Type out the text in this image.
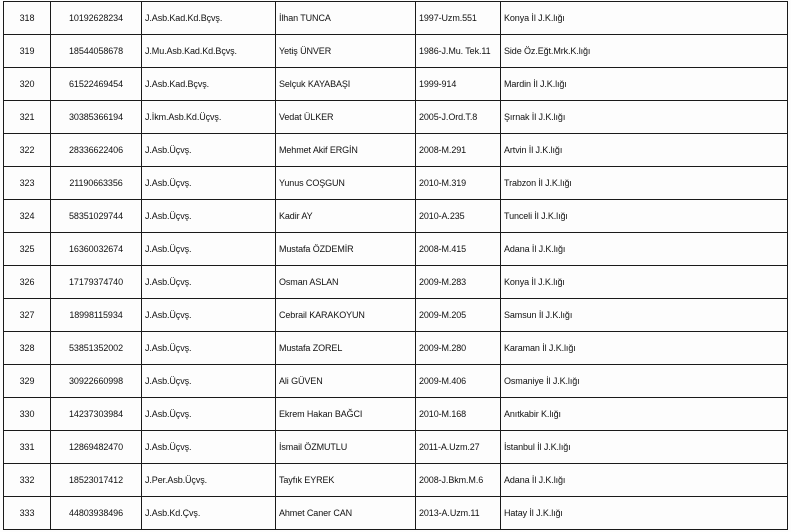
318	10192628234	J.Asb.Kad.Kd.Bçvş.	İlhan TUNCA	1997-Uzm.551	Konya İl J.K.lığı
319	18544058678	J.Mu.Asb.Kad.Kd.Bçvş.	Yetiş ÜNVER	1986-J.Mu. Tek.11	Side Öz.Eğt.Mrk.K.lığı
320	61522469454	J.Asb.Kad.Bçvş.	Selçuk KAYABAŞI	1999-914	Mardin İl J.K.lığı
321	30385366194	J.İkm.Asb.Kd.Üçvş.	Vedat ÜLKER	2005-J.Ord.T.8	Şırnak İl J.K.lığı
322	28336622406	J.Asb.Üçvş.	Mehmet Akif ERGİN	2008-M.291	Artvin İl J.K.lığı
323	21190663356	J.Asb.Üçvş.	Yunus COŞGUN	2010-M.319	Trabzon İl J.K.lığı
324	58351029744	J.Asb.Üçvş.	Kadir AY	2010-A.235	Tunceli İl J.K.lığı
325	16360032674	J.Asb.Üçvş.	Mustafa ÖZDEMİR	2008-M.415	Adana İl J.K.lığı
326	17179374740	J.Asb.Üçvş.	Osman ASLAN	2009-M.283	Konya İl J.K.lığı
327	18998115934	J.Asb.Üçvş.	Cebrail KARAKOYUN	2009-M.205	Samsun İl J.K.lığı
328	53851352002	J.Asb.Üçvş.	Mustafa ZOREL	2009-M.280	Karaman İl J.K.lığı
329	30922660998	J.Asb.Üçvş.	Ali GÜVEN	2009-M.406	Osmaniye İl J.K.lığı
330	14237303984	J.Asb.Üçvş.	Ekrem Hakan BAĞCI	2010-M.168	Anıtkabir K.lığı
331	12869482470	J.Asb.Üçvş.	İsmail ÖZMUTLU	2011-A.Uzm.27	İstanbul İl J.K.lığı
332	18523017412	J.Per.Asb.Üçvş.	Tayfık EYREK	2008-J.Bkm.M.6	Adana İl J.K.lığı
333	44803938496	J.Asb.Kd.Çvş.	Ahmet Caner CAN	2013-A.Uzm.11	Hatay İl J.K.lığı
